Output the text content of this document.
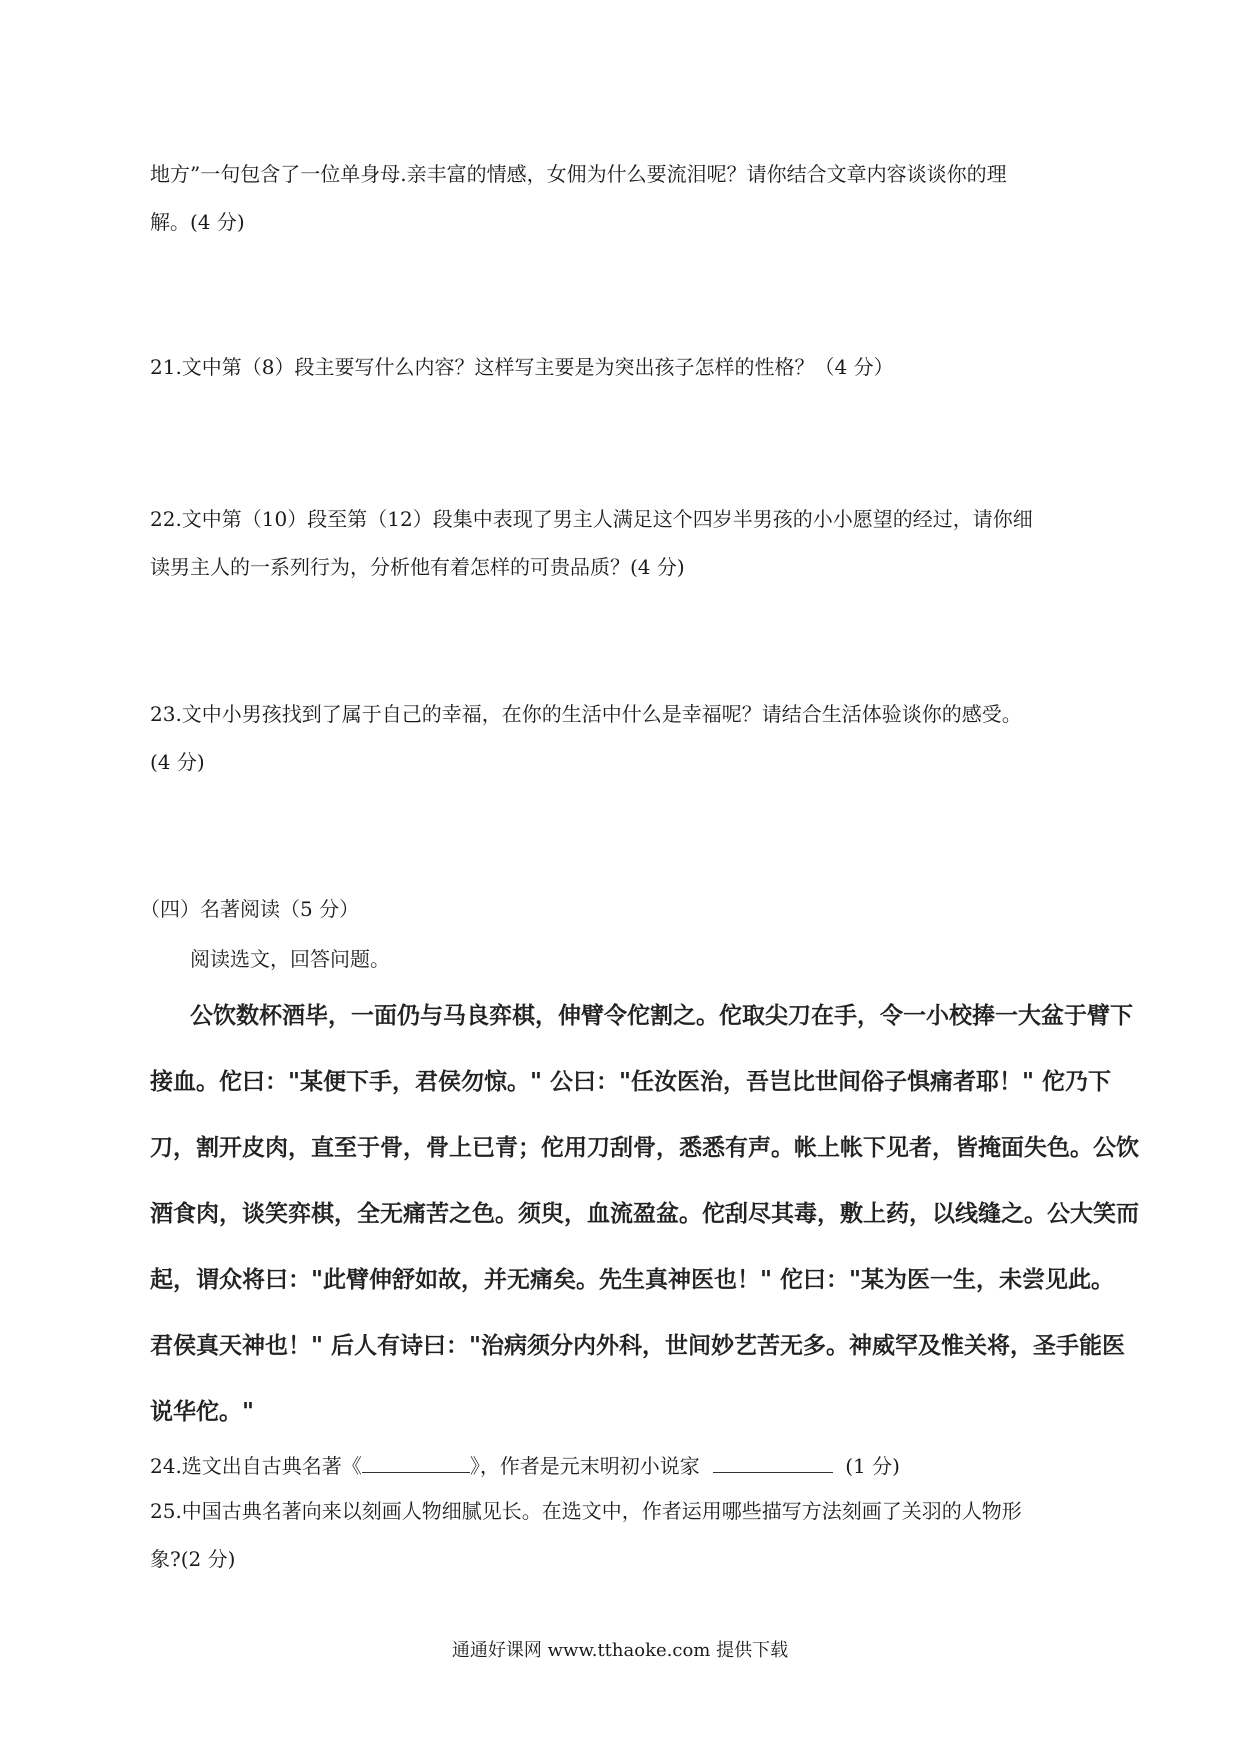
地方”一句包含了一位单身母.亲丰富的情感，女佣为什么要流泪呢？请你结合文章内容谈谈你的理
解。(4 分)
21.文中第（8）段主要写什么内容？这样写主要是为突出孩子怎样的性格？（4 分）
22.文中第（10）段至第（12）段集中表现了男主人满足这个四岁半男孩的小小愿望的经过，请你细
读男主人的一系列行为，分析他有着怎样的可贵品质？(4 分)
23.文中小男孩找到了属于自己的幸福，在你的生活中什么是幸福呢？请结合生活体验谈你的感受。
(4 分)
（四）名著阅读（5 分）
阅读选文，回答问题。
公饮数杯酒毕，一面仍与马良弈棋，伸臂令佗割之。佗取尖刀在手，令一小校捧一大盆于臂下
接血。佗曰："某便下手，君侯勿惊。" 公曰："任汝医治，吾岂比世间俗子惧痛者耶！" 佗乃下
刀，割开皮肉，直至于骨，骨上已青；佗用刀刮骨，悉悉有声。帐上帐下见者，皆掩面失色。公饮
酒食肉，谈笑弈棋，全无痛苦之色。须臾，血流盈盆。佗刮尽其毒，敷上药，以线缝之。公大笑而
起，谓众将曰："此臂伸舒如故，并无痛矣。先生真神医也！" 佗曰："某为医一生，未尝见此。
君侯真天神也！" 后人有诗曰："治病须分内外科，世间妙艺苦无多。神威罕及惟关将，圣手能医
说华佗。"
24.选文出自古典名著《	》，作者是元末明初小说家	(1 分)
25.中国古典名著向来以刻画人物细腻见长。在选文中，作者运用哪些描写方法刻画了关羽的人物形
象?(2 分)
通通好课网 www.tthaoke.com 提供下载
